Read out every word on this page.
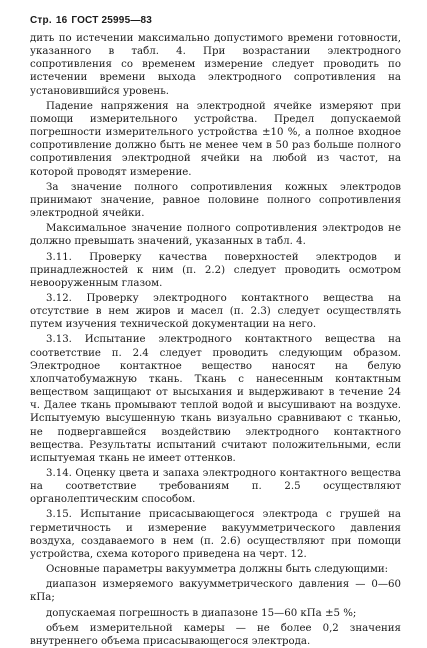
Стр. 16 ГОСТ 25995—83

дить по истечении максимально допустимого времени готовности, указанного в табл. 4. При возрастании электродного сопротивления со временем измерение следует проводить по истечении времени выхода электродного сопротивления на установившийся уровень.

Падение напряжения на электродной ячейке измеряют при помощи измерительного устройства. Предел допускаемой погрешности измерительного устройства ±10 %, а полное входное сопротивление должно быть не менее чем в 50 раз больше полного сопротивления электродной ячейки на любой из частот, на которой проводят измерение.

За значение полного сопротивления кожных электродов принимают значение, равное половине полного сопротивления электродной ячейки.

Максимальное значение полного сопротивления электродов не должно превышать значений, указанных в табл. 4.

3.11. Проверку качества поверхностей электродов и принадлежностей к ним (п. 2.2) следует проводить осмотром невооруженным глазом.

3.12. Проверку электродного контактного вещества на отсутствие в нем жиров и масел (п. 2.3) следует осуществлять путем изучения технической документации на него.

3.13. Испытание электродного контактного вещества на соответствие п. 2.4 следует проводить следующим образом. Электродное контактное вещество наносят на белую хлопчатобумажную ткань. Ткань с нанесенным контактным веществом защищают от высыхания и выдерживают в течение 24 ч. Далее ткань промывают теплой водой и высушивают на воздухе. Испытуемую высушенную ткань визуально сравнивают с тканью, не подвергавшейся воздействию электродного контактного вещества. Результаты испытаний считают положительными, если испытуемая ткань не имеет оттенков.

3.14. Оценку цвета и запаха электродного контактного вещества на соответствие требованиям п. 2.5 осуществляют органолептическим способом.

3.15. Испытание присасывающегося электрода с грушей на герметичность и измерение вакуумметрического давления воздуха, создаваемого в нем (п. 2.6) осуществляют при помощи устройства, схема которого приведена на черт. 12.

Основные параметры вакуумметра должны быть следующими:

диапазон измеряемого вакуумметрического давления — 0—60 кПа;

допускаемая погрешность в диапазоне 15—60 кПа ±5 %;

объем измерительной камеры — не более 0,2 значения внутреннего объема присасывающегося электрода.
